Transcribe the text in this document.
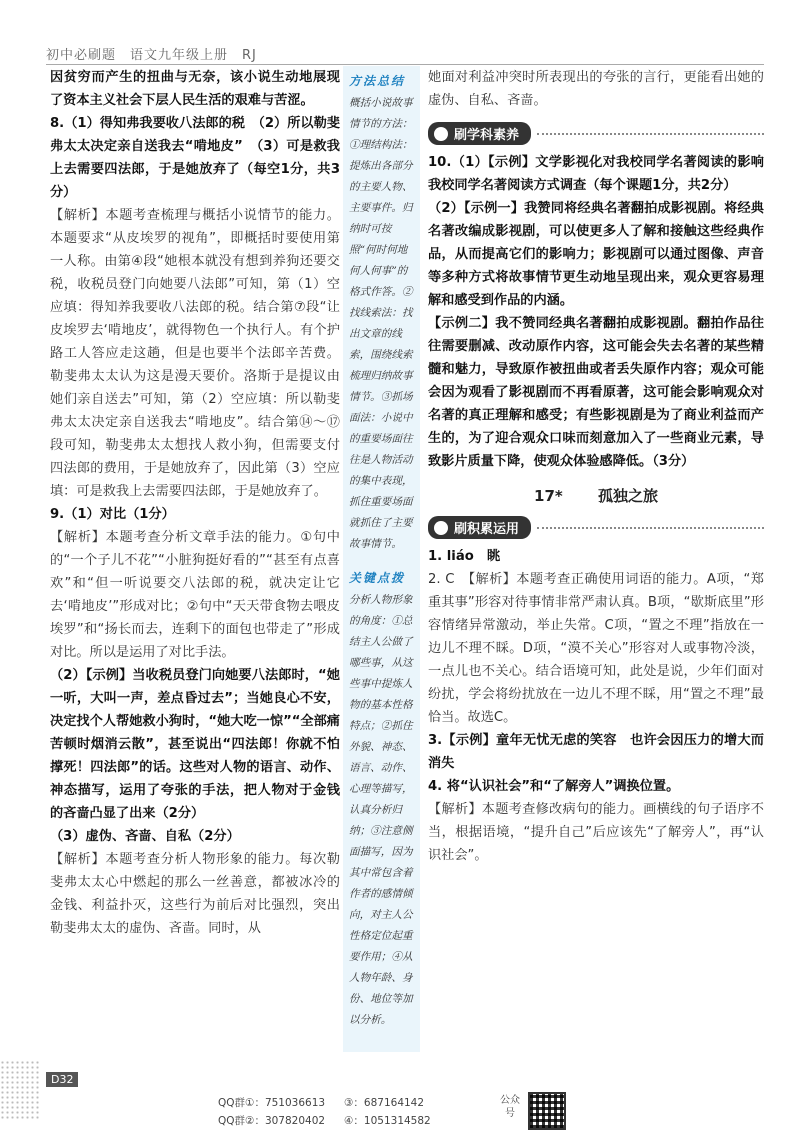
初中必刷题　语文九年级上册　RJ

因贫穷而产生的扭曲与无奈，该小说生动地展现了资本主义社会下层人民生活的艰难与苦涩。

8.（1）得知弗我要收八法郎的税　（2）所以勒斐弗太太决定亲自送我去“啃地皮”　（3）可是救我上去需要四法郎，于是她放弃了（每空1分，共3分）

【解析】本题考查梳理与概括小说情节的能力。本题要求“从皮埃罗的视角”，即概括时要使用第一人称。由第④段“她根本就没有想到养狗还要交税，收税员登门向她要八法郎”可知，第（1）空应填：得知养我要收八法郎的税。结合第⑦段“让皮埃罗去‘啃地皮’，就得物色一个执行人。有个护路工人答应走这趟，但是也要半个法郎辛苦费。勒斐弗太太认为这是漫天要价。洛斯于是提议由她们亲自送去”可知，第（2）空应填：所以勒斐弗太太决定亲自送我去“啃地皮”。结合第⑭～⑰段可知，勒斐弗太太想找人救小狗，但需要支付四法郎的费用，于是她放弃了，因此第（3）空应填：可是救我上去需要四法郎，于是她放弃了。

9.（1）对比（1分）

【解析】本题考查分析文章手法的能力。①句中的“一个子儿不花”“小脏狗挺好看的”“甚至有点喜欢”和“但一听说要交八法郎的税，就决定让它去‘啃地皮’”形成对比；②句中“天天带食物去喂皮埃罗”和“扬长而去，连剩下的面包也带走了”形成对比。所以是运用了对比手法。

（2）【示例】当收税员登门向她要八法郎时，“她一听，大叫一声，差点昏过去”；当她良心不安，决定找个人帮她救小狗时，“她大吃一惊”“全部痛苦顿时烟消云散”，甚至说出“四法郎！你就不怕撑死！四法郎”的话。这些对人物的语言、动作、神态描写，运用了夸张的手法，把人物对于金钱的吝啬凸显了出来（2分）

（3）虚伪、吝啬、自私（2分）

【解析】本题考查分析人物形象的能力。每次勒斐弗太太心中燃起的那么一丝善意，都被冰冷的金钱、利益扑灭，这些行为前后对比强烈，突出勒斐弗太太的虚伪、吝啬。同时，从

方法总结
概括小说故事情节的方法：①理结构法：提炼出各部分的主要人物、主要事件。归纳时可按照“何时何地何人何事”的格式作答。②找线索法：找出文章的线索，围绕线索梳理归纳故事情节。③抓场面法：小说中的重要场面往往是人物活动的集中表现，抓住重要场面就抓住了主要故事情节。
关键点拨
分析人物形象的角度：①总结主人公做了哪些事，从这些事中提炼人物的基本性格特点；②抓住外貌、神态、语言、动作、心理等描写，认真分析归纳；③注意侧面描写，因为其中常包含着作者的感情倾向，对主人公性格定位起重要作用；④从人物年龄、身份、地位等加以分析。

她面对利益冲突时所表现出的夸张的言行，更能看出她的虚伪、自私、吝啬。

刷学科素养

10.（1）【示例】文学影视化对我校同学名著阅读的影响　我校同学名著阅读方式调查（每个课题1分，共2分）

（2）【示例一】我赞同将经典名著翻拍成影视剧。将经典名著改编成影视剧，可以使更多人了解和接触这些经典作品，从而提高它们的影响力；影视剧可以通过图像、声音等多种方式将故事情节更生动地呈现出来，观众更容易理解和感受到作品的内涵。

【示例二】我不赞同经典名著翻拍成影视剧。翻拍作品往往需要删减、改动原作内容，这可能会失去名著的某些精髓和魅力，导致原作被扭曲或者丢失原作内容；观众可能会因为观看了影视剧而不再看原著，这可能会影响观众对名著的真正理解和感受；有些影视剧是为了商业利益而产生的，为了迎合观众口味而刻意加入了一些商业元素，导致影片质量下降，使观众体验感降低。（3分）

17* 孤独之旅
刷积累运用

1. liáo　眺

2. C　【解析】本题考查正确使用词语的能力。A项，“郑重其事”形容对待事情非常严肃认真。B项，“歇斯底里”形容情绪异常激动，举止失常。C项，“置之不理”指放在一边儿不理不睬。D项，“漠不关心”形容对人或事物冷淡，一点儿也不关心。结合语境可知，此处是说，少年们面对纷扰，学会将纷扰放在一边儿不理不睬，用“置之不理”最恰当。故选C。

3.【示例】童年无忧无虑的笑容　也许会因压力的增大而消失

4. 将“认识社会”和“了解旁人”调换位置。

【解析】本题考查修改病句的能力。画横线的句子语序不当，根据语境，“提升自己”后应该先“了解旁人”，再“认识社会”。

D32
QQ群①：751036613
QQ群②：307820402
③：687164142
④：1051314582
公众号
